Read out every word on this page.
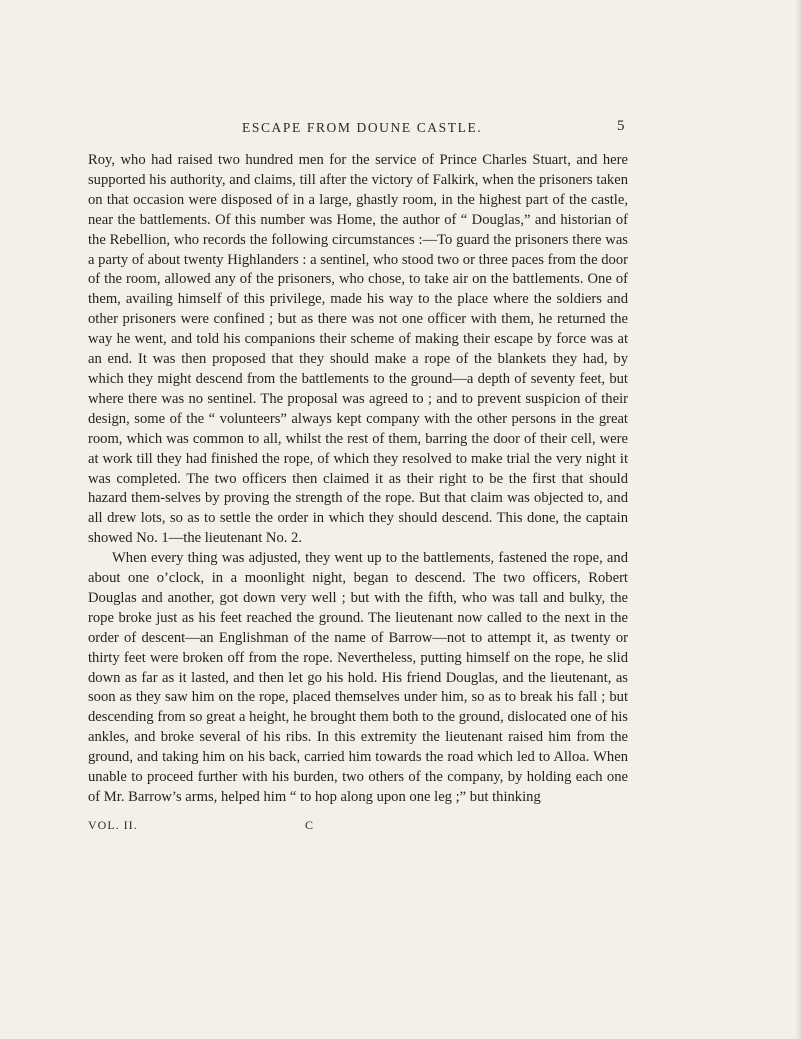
ESCAPE FROM DOUNE CASTLE.	5

Roy, who had raised two hundred men for the service of Prince Charles Stuart, and here supported his authority, and claims, till after the victory of Falkirk, when the prisoners taken on that occasion were disposed of in a large, ghastly room, in the highest part of the castle, near the battlements. Of this number was Home, the author of “ Douglas,” and historian of the Rebellion, who records the following circumstances :—To guard the prisoners there was a party of about twenty Highlanders : a sentinel, who stood two or three paces from the door of the room, allowed any of the prisoners, who chose, to take air on the battlements. One of them, availing himself of this privilege, made his way to the place where the soldiers and other prisoners were confined ; but as there was not one officer with them, he returned the way he went, and told his companions their scheme of making their escape by force was at an end. It was then proposed that they should make a rope of the blankets they had, by which they might descend from the battlements to the ground—a depth of seventy feet, but where there was no sentinel. The proposal was agreed to ; and to prevent suspicion of their design, some of the “ volunteers” always kept company with the other persons in the great room, which was common to all, whilst the rest of them, barring the door of their cell, were at work till they had finished the rope, of which they resolved to make trial the very night it was completed. The two officers then claimed it as their right to be the first that should hazard them-selves by proving the strength of the rope. But that claim was objected to, and all drew lots, so as to settle the order in which they should descend. This done, the captain showed No. 1—the lieutenant No. 2.

When every thing was adjusted, they went up to the battlements, fastened the rope, and about one o’clock, in a moonlight night, began to descend. The two officers, Robert Douglas and another, got down very well ; but with the fifth, who was tall and bulky, the rope broke just as his feet reached the ground. The lieutenant now called to the next in the order of descent—an Englishman of the name of Barrow—not to attempt it, as twenty or thirty feet were broken off from the rope. Nevertheless, putting himself on the rope, he slid down as far as it lasted, and then let go his hold. His friend Douglas, and the lieutenant, as soon as they saw him on the rope, placed themselves under him, so as to break his fall ; but descending from so great a height, he brought them both to the ground, dislocated one of his ankles, and broke several of his ribs. In this extremity the lieutenant raised him from the ground, and taking him on his back, carried him towards the road which led to Alloa. When unable to proceed further with his burden, two others of the company, by holding each one of Mr. Barrow’s arms, helped him “ to hop along upon one leg ;” but thinking

VOL. II.	C
